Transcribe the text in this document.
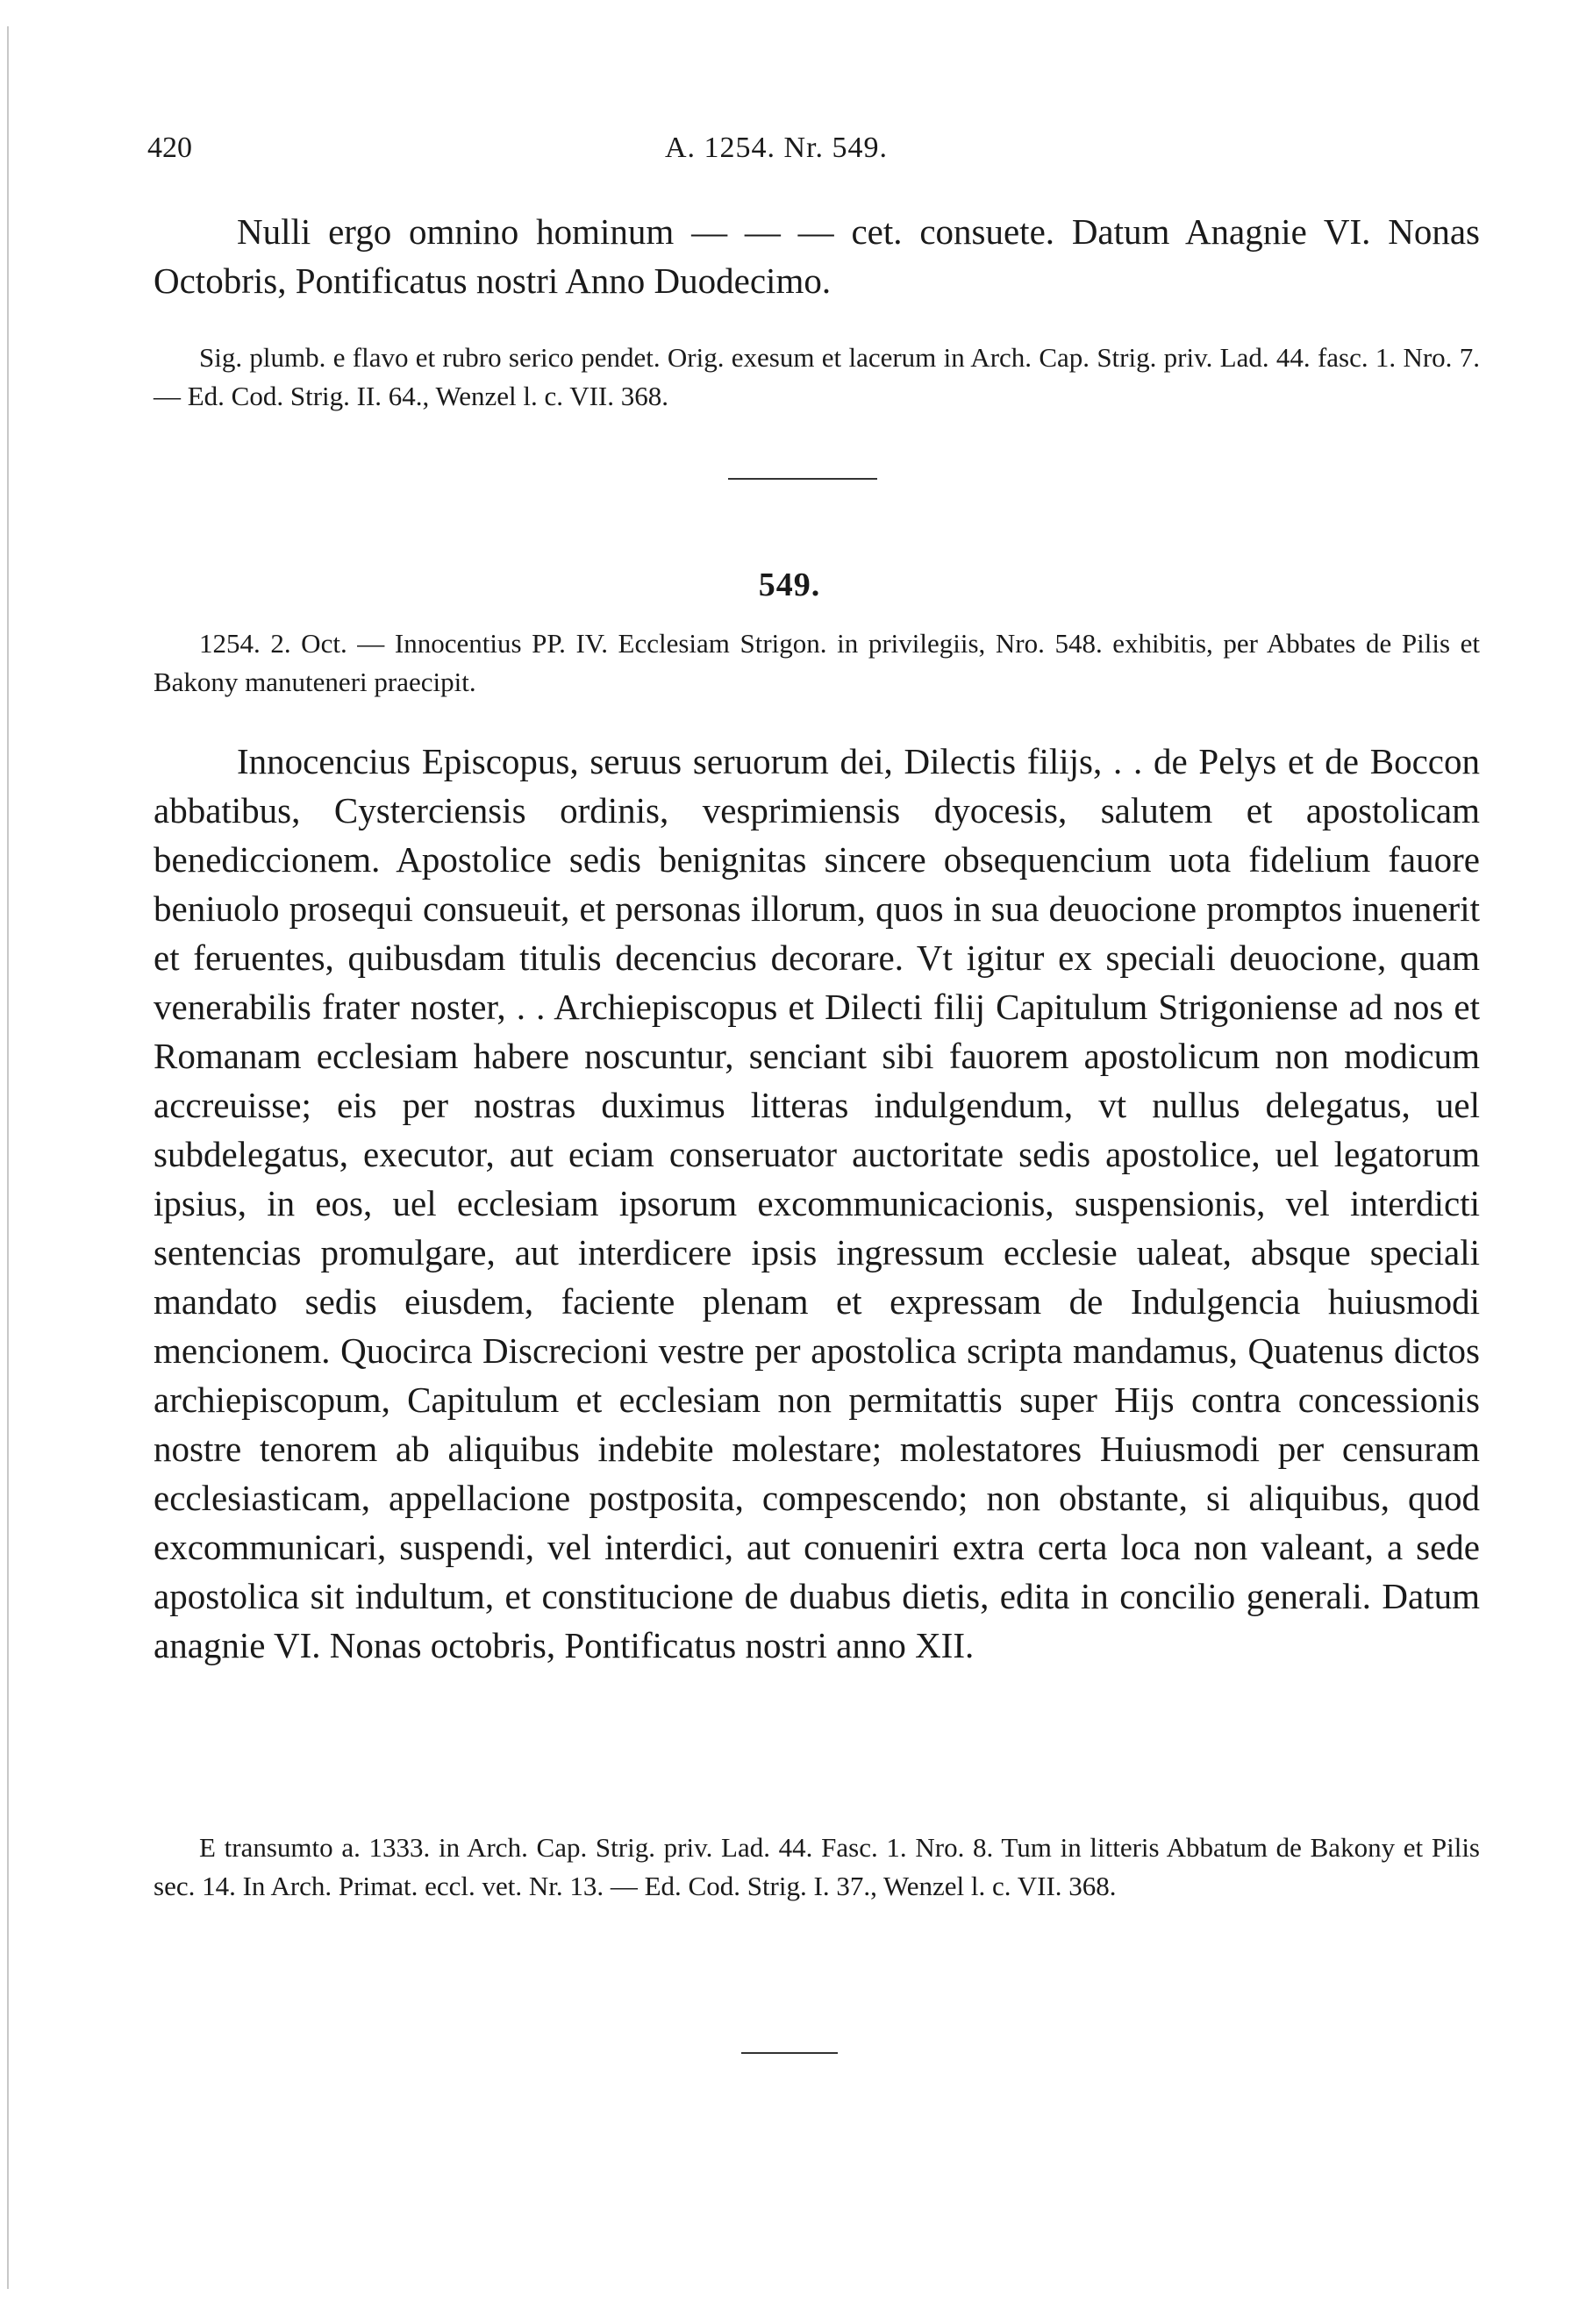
420	A. 1254. Nr. 549.

Nulli ergo omnino hominum — — — cet. consuete. Datum Anagnie VI. Nonas Octobris, Pontificatus nostri Anno Duodecimo.

Sig. plumb. e flavo et rubro serico pendet. Orig. exesum et lacerum in Arch. Cap. Strig. priv. Lad. 44. fasc. 1. Nro. 7. — Ed. Cod. Strig. II. 64., Wenzel l. c. VII. 368.

549.

1254. 2. Oct. — Innocentius PP. IV. Ecclesiam Strigon. in privilegiis, Nro. 548. exhibitis, per Abbates de Pilis et Bakony manuteneri praecipit.

Innocencius Episcopus, seruus seruorum dei, Dilectis filijs, . . de Pelys et de Boccon abbatibus, Cysterciensis ordinis, vesprimiensis dyocesis, salutem et apostolicam benediccionem. Apostolice sedis benignitas sincere obsequencium uota fidelium fauore beniuolo prosequi consueuit, et personas illorum, quos in sua deuocione promptos inuenerit et feruentes, quibusdam titulis decencius decorare. Vt igitur ex speciali deuocione, quam venerabilis frater noster, . . Archiepiscopus et Dilecti filij Capitulum Strigoniense ad nos et Romanam ecclesiam habere noscuntur, senciant sibi fauorem apostolicum non modicum accreuisse; eis per nostras duximus litteras indulgendum, vt nullus delegatus, uel subdelegatus, executor, aut eciam conseruator auctoritate sedis apostolice, uel legatorum ipsius, in eos, uel ecclesiam ipsorum excommunicacionis, suspensionis, vel interdicti sentencias promulgare, aut interdicere ipsis ingressum ecclesie ualeat, absque speciali mandato sedis eiusdem, faciente plenam et expressam de Indulgencia huiusmodi mencionem. Quocirca Discrecioni vestre per apostolica scripta mandamus, Quatenus dictos archiepiscopum, Capitulum et ecclesiam non permitattis super Hijs contra concessionis nostre tenorem ab aliquibus indebite molestare; molestatores Huiusmodi per censuram ecclesiasticam, appellacione postposita, compescendo; non obstante, si aliquibus, quod excommunicari, suspendi, vel interdici, aut conueniri extra certa loca non valeant, a sede apostolica sit indultum, et constitucione de duabus dietis, edita in concilio generali. Datum anagnie VI. Nonas octobris, Pontificatus nostri anno XII.

E transumto a. 1333. in Arch. Cap. Strig. priv. Lad. 44. Fasc. 1. Nro. 8. Tum in litteris Abbatum de Bakony et Pilis sec. 14. In Arch. Primat. eccl. vet. Nr. 13. — Ed. Cod. Strig. I. 37., Wenzel l. c. VII. 368.
